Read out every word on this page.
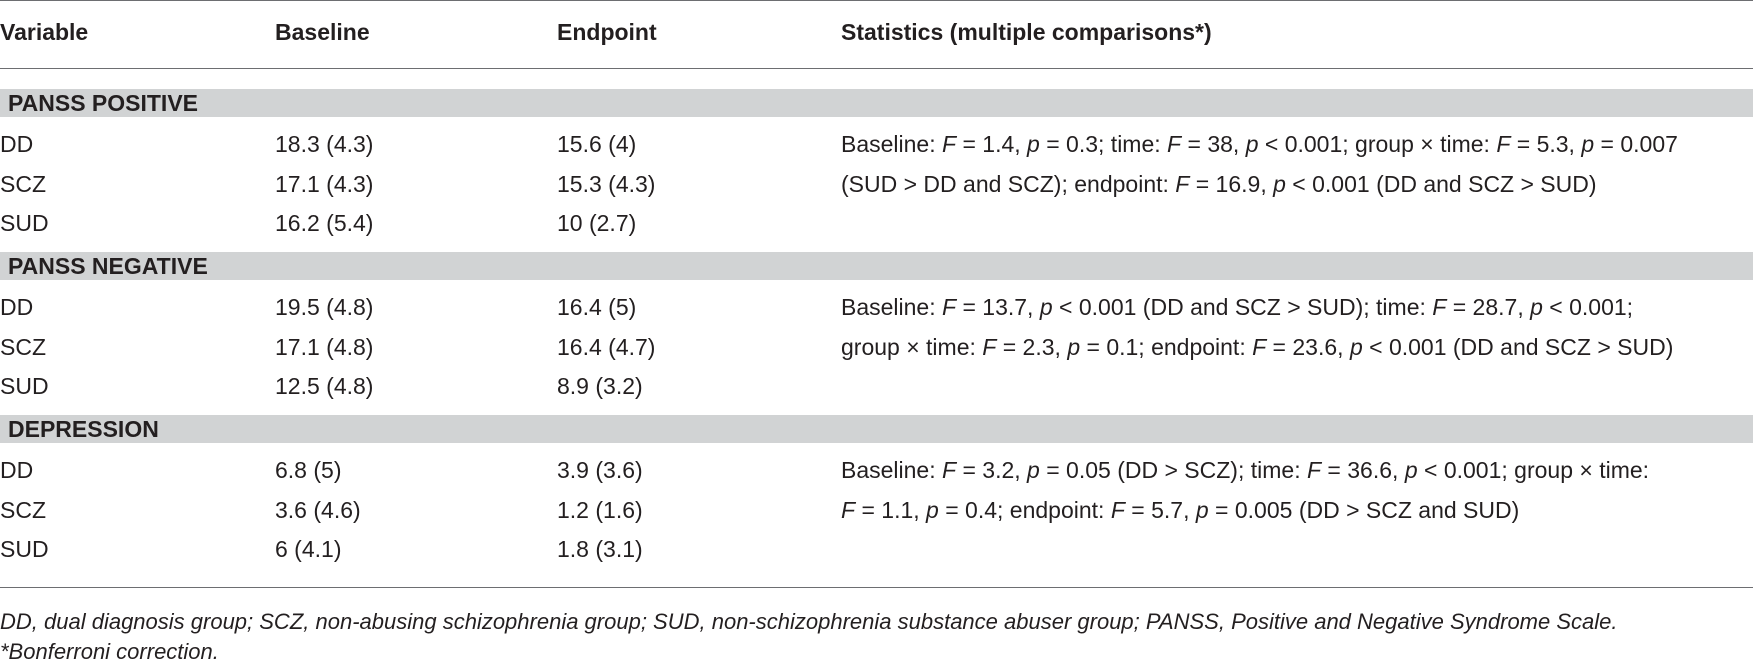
Variable	Baseline	Endpoint	Statistics (multiple comparisons*)
PANSS POSITIVE
DD	18.3 (4.3)	15.6 (4)
SCZ	17.1 (4.3)	15.3 (4.3)
SUD	16.2 (5.4)	10 (2.7)
Baseline: F = 1.4, p = 0.3; time: F = 38, p < 0.001; group × time: F = 5.3, p = 0.007
(SUD > DD and SCZ); endpoint: F = 16.9, p < 0.001 (DD and SCZ > SUD)
PANSS NEGATIVE
DD	19.5 (4.8)	16.4 (5)
SCZ	17.1 (4.8)	16.4 (4.7)
SUD	12.5 (4.8)	8.9 (3.2)
Baseline: F = 13.7, p < 0.001 (DD and SCZ > SUD); time: F = 28.7, p < 0.001;
group × time: F = 2.3, p = 0.1; endpoint: F = 23.6, p < 0.001 (DD and SCZ > SUD)
DEPRESSION
DD	6.8 (5)	3.9 (3.6)
SCZ	3.6 (4.6)	1.2 (1.6)
SUD	6 (4.1)	1.8 (3.1)
Baseline: F = 3.2, p = 0.05 (DD > SCZ); time: F = 36.6, p < 0.001; group × time:
F = 1.1, p = 0.4; endpoint: F = 5.7, p = 0.005 (DD > SCZ and SUD)
DD, dual diagnosis group; SCZ, non-abusing schizophrenia group; SUD, non-schizophrenia substance abuser group; PANSS, Positive and Negative Syndrome Scale.
*Bonferroni correction.
